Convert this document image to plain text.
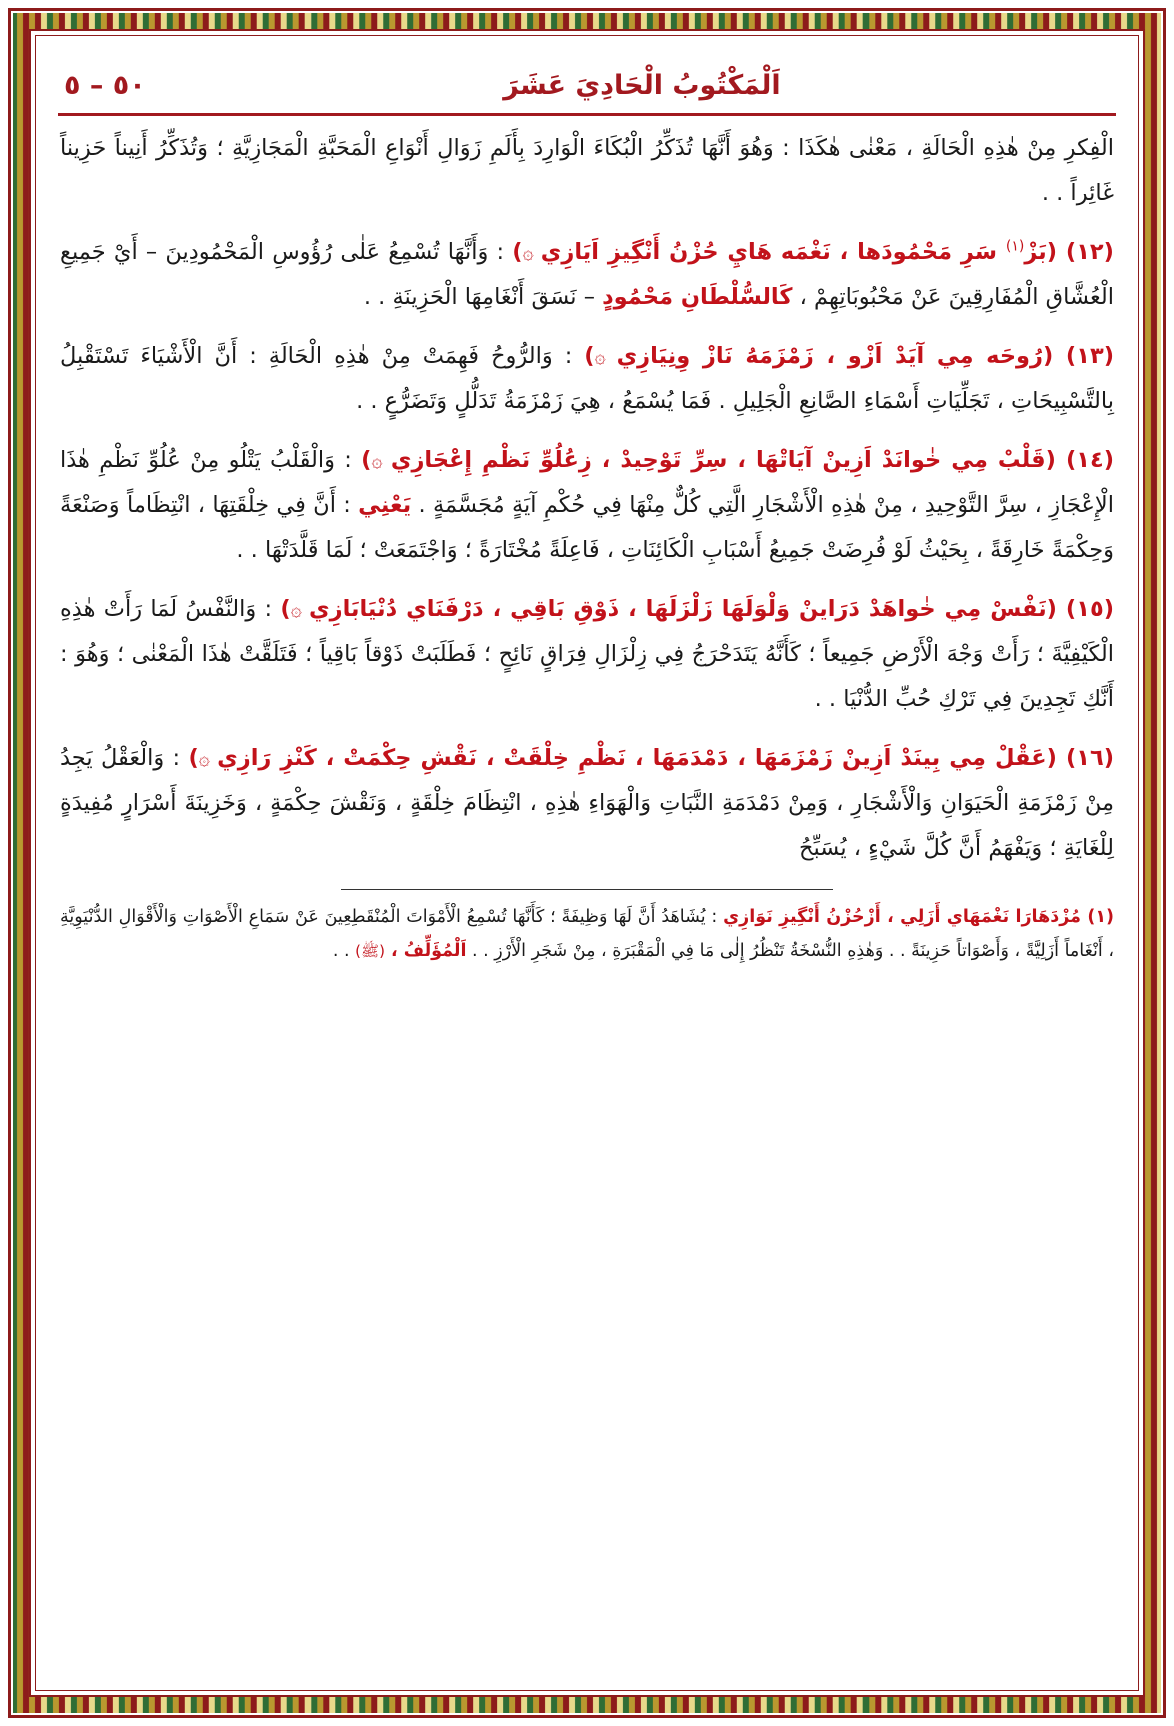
اَلْمَكْتُوبُ الْحَادِيَ عَشَرَ
٥٠ – ٥

الْفِكرِ مِنْ هٰذِهِ الْحَالَةِ ، مَعْنٰى هٰكَذَا : وَهُوَ أَنَّهَا تُذَكِّرُ الْبُكَاءَ الْوَارِدَ بِأَلَمِ زَوَالِ أَنْوَاعِ الْمَحَبَّةِ الْمَجَازِيَّةِ ؛ وَتُذَكِّرُ أَنِيناً حَزِيناً غَائِراً . .

(١٢) (بَزْ$^{(١)}$ سَرِ مَحْمُودَها ، نَغْمَه هَايِ حُزْنُ أَنْگِيزِ اَيَازِي ۞) : وَأَنَّهَا تُسْمِعُ عَلٰى رُؤُوسِ الْمَحْمُودِينَ – أَيْ جَمِيعِ الْعُشَّاقِ الْمُفَارِقِينَ عَنْ مَحْبُوبَاتِهِمْ ، كَالسُّلْطَانِ مَحْمُودٍ – نَسَقَ أَنْغَامِهَا الْحَزِينَةِ . .

(١٣) (رُوحَه مِي آيَدْ اَزْو ، زَمْزَمَهُ نَازْ وِنِيَازِي ۞) : وَالرُّوحُ فَهِمَتْ مِنْ هٰذِهِ الْحَالَةِ : أَنَّ الْأَشْيَاءَ تَسْتَقْبِلُ بِالتَّسْبِيحَاتِ ، تَجَلِّيَاتِ أَسْمَاءِ الصَّانِعِ الْجَلِيلِ . فَمَا يُسْمَعُ ، هِيَ زَمْزَمَةُ تَدَلُّلٍ وَتَضَرُّعٍ . .

(١٤) (قَلْبْ مِي خٰوانَدْ اَزِينْ آيَاتْهَا ، سِرِّ تَوْحِيدْ ، زِعُلُوِّ نَظْمِ إِعْجَازِي ۞) : وَالْقَلْبُ يَتْلُو مِنْ عُلُوِّ نَظْمِ هٰذَا الْإِعْجَازِ ، سِرَّ التَّوْحِيدِ ، مِنْ هٰذِهِ الْأَشْجَارِ الَّتِي كُلٌّ مِنْهَا فِي حُكْمِ آيَةٍ مُجَسَّمَةٍ . يَعْنِي : أَنَّ فِي خِلْقَتِهَا ، انْتِظَاماً وَصَنْعَةً وَحِكْمَةً خَارِقَةً ، بِحَيْثُ لَوْ فُرِضَتْ جَمِيعُ أَسْبَابِ الْكَائِنَاتِ ، فَاعِلَةً مُخْتَارَةً ؛ وَاجْتَمَعَتْ ؛ لَمَا قَلَّدَتْهَا . .

(١٥) (نَفْسْ مِي خٰواهَدْ دَرَاينْ وَلْوَلَهَا زَلْزَلَهَا ، ذَوْقِ بَاقِي ، دَرْفَنَاي دُنْيَابَازِي ۞) : وَالنَّفْسُ لَمَا رَأَتْ هٰذِهِ الْكَيْفِيَّةَ ؛ رَأَتْ وَجْهَ الْأَرْضِ جَمِيعاً ؛ كَأَنَّهُ يَتَدَحْرَجُ فِي زِلْزَالِ فِرَاقٍ نَائِحٍ ؛ فَطَلَبَتْ ذَوْقاً بَاقِياً ؛ فَتَلَقَّتْ هٰذَا الْمَعْنٰى ؛ وَهُوَ : أَنَّكِ تَجِدِينَ فِي تَرْكِ حُبِّ الدُّنْيَا . .

(١٦) (عَقْلْ مِي بِينَدْ اَزِينْ زَمْزَمَهَا ، دَمْدَمَهَا ، نَظْمِ خِلْقَتْ ، نَقْشِ حِكْمَتْ ، كَنْزِ رَازِي ۞) : وَالْعَقْلُ يَجِدُ مِنْ زَمْزَمَةِ الْحَيَوَانِ وَالْأَشْجَارِ ، وَمِنْ دَمْدَمَةِ النَّبَاتِ وَالْهَوَاءِ هٰذِهِ ، انْتِظَامَ خِلْقَةٍ ، وَنَقْشَ حِكْمَةٍ ، وَخَزِينَةَ أَسْرَارٍ مُفِيدَةٍ لِلْغَايَةِ ؛ وَيَفْهَمُ أَنَّ كُلَّ شَيْءٍ ، يُسَبِّحُ

(١) مُزْدَهَارَا نَغْمَهَاي أَزَلِي ، أَزْحُزْنُ أَنْگِيزِ نَوَازِي : يُشَاهَدُ أَنَّ لَهَا وَظِيفَةً ؛ كَأَنَّهَا تُسْمِعُ الْأَمْوَاتَ الْمُنْقَطِعِينَ عَنْ سَمَاعِ الْأَصْوَاتِ وَالْأَقْوَالِ الدُّنْيَوِيَّةِ ، أَنْغَاماً أَزَلِيَّةً ، وَأَصْوَاتاً حَزِينَةً . . وَهٰذِهِ النُّسْخَةُ تَنْظُرُ إِلٰى مَا فِي الْمَقْبَرَةِ ، مِنْ شَجَرِ الْأَرْزِ . . اَلْمُؤَلِّفُ ، (ﷺ) . .
